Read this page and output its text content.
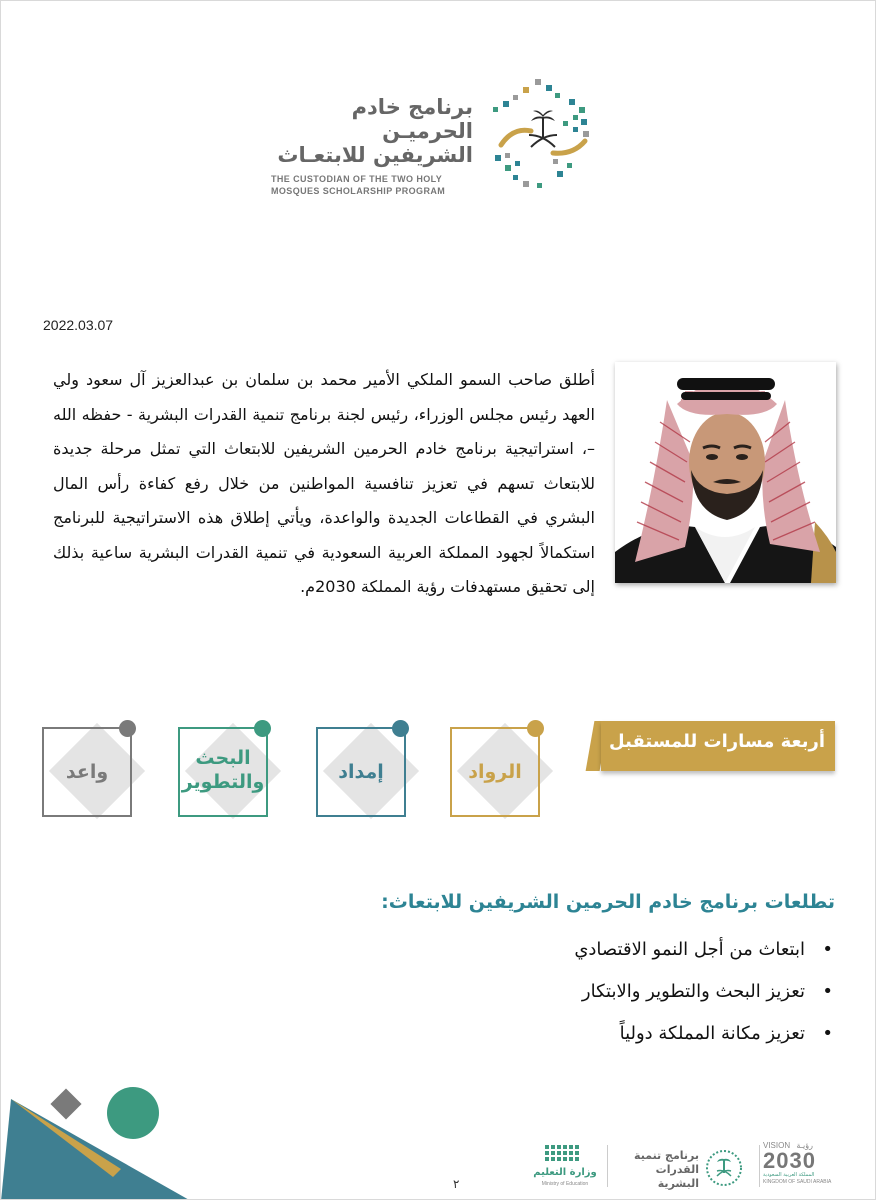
برنامج خادم الحرميـن
الشريفين للابتعـاث
THE CUSTODIAN OF THE TWO HOLY
MOSQUES SCHOLARSHIP PROGRAM
2022.03.07
أطلق صاحب السمو الملكي الأمير محمد بن سلمان بن عبدالعزيز آل سعود ولي العهد رئيس مجلس الوزراء، رئيس لجنة برنامج تنمية القدرات البشرية - حفظه الله –، استراتيجية برنامج خادم الحرمين الشريفين للابتعاث التي تمثل مرحلة جديدة للابتعاث تسهم في تعزيز تنافسية المواطنين من خلال رفع كفاءة رأس المال البشري في القطاعات الجديدة والواعدة، ويأتي إطلاق هذه الاستراتيجية للبرنامج استكمالاً لجهود المملكة العربية السعودية في تنمية القدرات البشرية ساعية بذلك إلى تحقيق مستهدفات رؤية المملكة 2030م.
أربعة مسارات للمستقبل
الرواد
إمداد
البحث
والتطوير
واعد
تطلعات برنامج خادم الحرمين الشريفين للابتعاث:
•
ابتعاث من أجل النمو الاقتصادي
•
تعزيز البحث والتطوير والابتكار
•
تعزيز مكانة المملكة دولياً
٢
VISION رؤيـة
2030
المملكة العربية السعودية
KINGDOM OF SAUDI ARABIA
برنامج تنمية
القدرات البشرية
وزارة التعليم
Ministry of Education
